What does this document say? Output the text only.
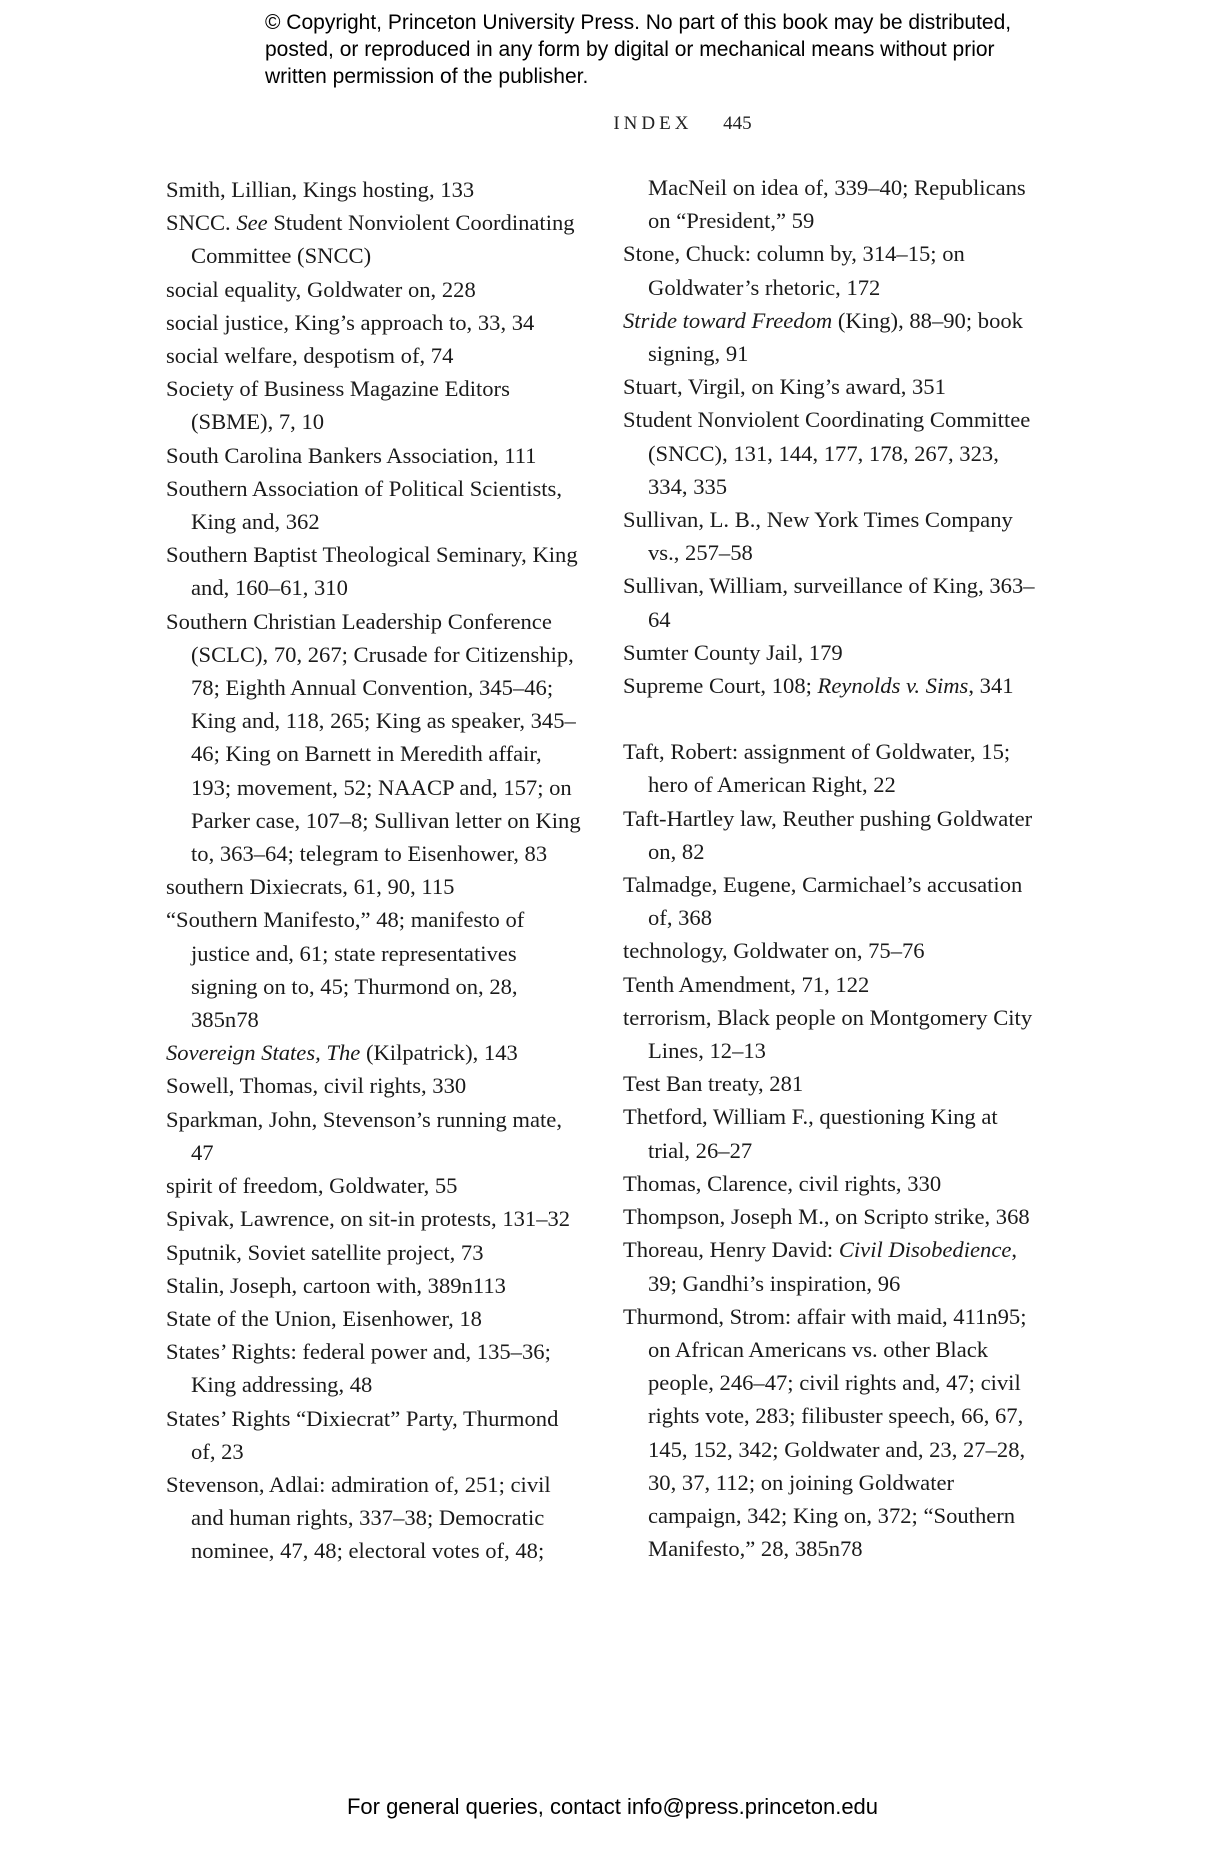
© Copyright, Princeton University Press. No part of this book may be distributed, posted, or reproduced in any form by digital or mechanical means without prior written permission of the publisher.
INDEX 445
Smith, Lillian, Kings hosting, 133
SNCC. See Student Nonviolent Coordinating Committee (SNCC)
social equality, Goldwater on, 228
social justice, King’s approach to, 33, 34
social welfare, despotism of, 74
Society of Business Magazine Editors (SBME), 7, 10
South Carolina Bankers Association, 111
Southern Association of Political Scientists, King and, 362
Southern Baptist Theological Seminary, King and, 160–61, 310
Southern Christian Leadership Conference (SCLC), 70, 267; Crusade for Citizenship, 78; Eighth Annual Convention, 345–46; King and, 118, 265; King as speaker, 345–46; King on Barnett in Meredith affair, 193; movement, 52; NAACP and, 157; on Parker case, 107–8; Sullivan letter on King to, 363–64; telegram to Eisenhower, 83
southern Dixiecrats, 61, 90, 115
“Southern Manifesto,” 48; manifesto of justice and, 61; state representatives signing on to, 45; Thurmond on, 28, 385n78
Sovereign States, The (Kilpatrick), 143
Sowell, Thomas, civil rights, 330
Sparkman, John, Stevenson’s running mate, 47
spirit of freedom, Goldwater, 55
Spivak, Lawrence, on sit-in protests, 131–32
Sputnik, Soviet satellite project, 73
Stalin, Joseph, cartoon with, 389n113
State of the Union, Eisenhower, 18
States’ Rights: federal power and, 135–36; King addressing, 48
States’ Rights “Dixiecrat” Party, Thurmond of, 23
Stevenson, Adlai: admiration of, 251; civil and human rights, 337–38; Democratic nominee, 47, 48; electoral votes of, 48;
MacNeil on idea of, 339–40; Republicans on “President,” 59
Stone, Chuck: column by, 314–15; on Goldwater’s rhetoric, 172
Stride toward Freedom (King), 88–90; book signing, 91
Stuart, Virgil, on King’s award, 351
Student Nonviolent Coordinating Committee (SNCC), 131, 144, 177, 178, 267, 323, 334, 335
Sullivan, L. B., New York Times Company vs., 257–58
Sullivan, William, surveillance of King, 363–64
Sumter County Jail, 179
Supreme Court, 108; Reynolds v. Sims, 341
Taft, Robert: assignment of Goldwater, 15; hero of American Right, 22
Taft-Hartley law, Reuther pushing Goldwater on, 82
Talmadge, Eugene, Carmichael’s accusation of, 368
technology, Goldwater on, 75–76
Tenth Amendment, 71, 122
terrorism, Black people on Montgomery City Lines, 12–13
Test Ban treaty, 281
Thetford, William F., questioning King at trial, 26–27
Thomas, Clarence, civil rights, 330
Thompson, Joseph M., on Scripto strike, 368
Thoreau, Henry David: Civil Disobedience, 39; Gandhi’s inspiration, 96
Thurmond, Strom: affair with maid, 411n95; on African Americans vs. other Black people, 246–47; civil rights and, 47; civil rights vote, 283; filibuster speech, 66, 67, 145, 152, 342; Goldwater and, 23, 27–28, 30, 37, 112; on joining Goldwater campaign, 342; King on, 372; “Southern Manifesto,” 28, 385n78
For general queries, contact info@press.princeton.edu
